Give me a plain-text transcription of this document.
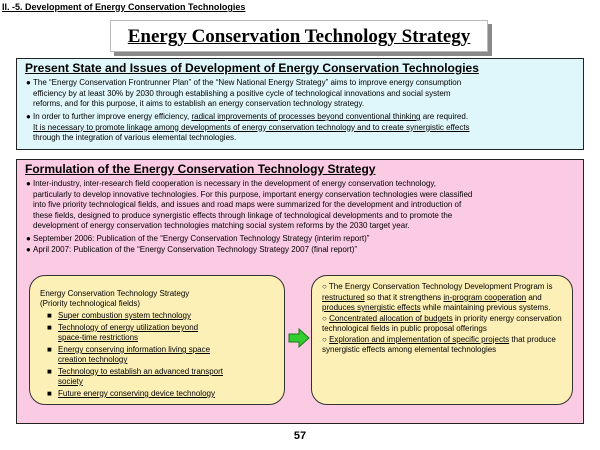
II. -5. Development of Energy Conservation Technologies
Energy Conservation Technology Strategy
Present State and Issues of Development of Energy Conservation Technologies
● The “Energy Conservation Frontrunner Plan” of the “New National Energy Strategy” aims to improve energy consumption
efficiency by at least 30% by 2030 through establishing a positive cycle of technological innovations and social system
reforms, and for this purpose, it aims to establish an energy conservation technology strategy.
● In order to further improve energy efficiency, radical improvements of processes beyond conventional thinking are required.
It is necessary to promote linkage among developments of energy conservation technology and to create synergistic effects
through the integration of various elemental technologies.
Formulation of the Energy Conservation Technology Strategy
● Inter-industry, inter-research field cooperation is necessary in the development of energy conservation technology,
particularly to develop innovative technologies. For this purpose, important energy conservation technologies were classified
into five priority technological fields, and issues and road maps were summarized for the development and introduction of
these fields, designed to produce synergistic effects through linkage of technological developments and to promote the
development of energy conservation technologies matching social system reforms by the 2030 target year.
● September 2006: Publication of the “Energy Conservation Technology Strategy (interim report)”
● April 2007: Publication of the “Energy Conservation Technology Strategy 2007 (final report)”
Energy Conservation Technology Strategy
(Priority technological fields)
■ Super combustion system technology
■ Technology of energy utilization beyond
space-time restrictions
■ Energy conserving information living space
creation technology
■ Technology to establish an advanced transport
society
■ Future energy conserving device technology
○ The Energy Conservation Technology Development Program is restructured so that it strengthens in-program cooperation and produces synergistic effects while maintaining previous systems.
○ Concentrated allocation of budgets in priority energy conservation technological fields in public proposal offerings
○ Exploration and implementation of specific projects that produce synergistic effects among elemental technologies
57
